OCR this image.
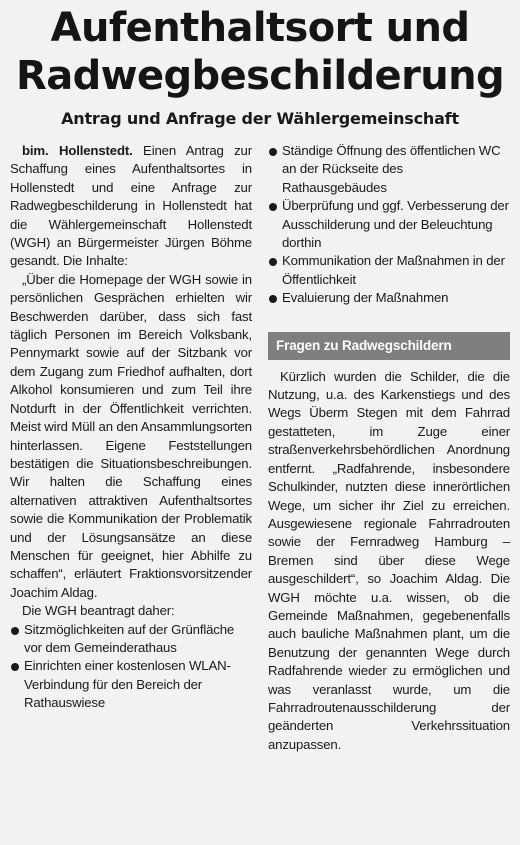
Aufenthaltsort und
Radwegbeschilderung
Antrag und Anfrage der Wählergemeinschaft

bim. Hollenstedt. Einen Antrag zur Schaffung eines Aufenthaltsortes in Hollenstedt und eine Anfrage zur Radwegbeschilderung in Hollenstedt hat die Wählergemeinschaft Hollenstedt (WGH) an Bürgermeister Jürgen Böhme gesandt. Die Inhalte:

„Über die Homepage der WGH sowie in persönlichen Gesprächen erhielten wir Beschwerden darüber, dass sich fast täglich Personen im Bereich Volksbank, Pennymarkt sowie auf der Sitzbank vor dem Zugang zum Friedhof aufhalten, dort Alkohol konsumieren und zum Teil ihre Notdurft in der Öffentlichkeit verrichten. Meist wird Müll an den Ansammlungsorten hinterlassen. Eigene Feststellungen bestätigen die Situationsbeschreibungen. Wir halten die Schaffung eines alternativen attraktiven Aufenthaltsortes sowie die Kommunikation der Problematik und der Lösungsansätze an diese Menschen für geeignet, hier Abhilfe zu schaffen“, erläutert Fraktionsvorsitzender Joachim Aldag.

Die WGH beantragt daher:

Sitzmöglichkeiten auf der Grünfläche vor dem Gemeinderathaus
Einrichten einer kostenlosen WLAN-Verbindung für den Bereich der Rathauswiese
Ständige Öffnung des öffentlichen WC an der Rückseite des Rathausgebäudes
Überprüfung und ggf. Verbesserung der Ausschilderung und der Beleuchtung dorthin
Kommunikation der Maßnahmen in der Öffentlichkeit
Evaluierung der Maßnahmen
Fragen zu Radwegschildern

Kürzlich wurden die Schilder, die die Nutzung, u.a. des Karkenstiegs und des Wegs Überm Stegen mit dem Fahrrad gestatteten, im Zuge einer straßenverkehrsbehördlichen Anordnung entfernt. „Radfahrende, insbesondere Schulkinder, nutzten diese innerörtlichen Wege, um sicher ihr Ziel zu erreichen. Ausgewiesene regionale Fahrradrouten sowie der Fernradweg Hamburg – Bremen sind über diese Wege ausgeschildert“, so Joachim Aldag. Die WGH möchte u.a. wissen, ob die Gemeinde Maßnahmen, gegebenenfalls auch bauliche Maßnahmen plant, um die Benutzung der genannten Wege durch Radfahrende wieder zu ermöglichen und was veranlasst wurde, um die Fahrradroutenausschilderung der geänderten Verkehrssituation anzupassen.
